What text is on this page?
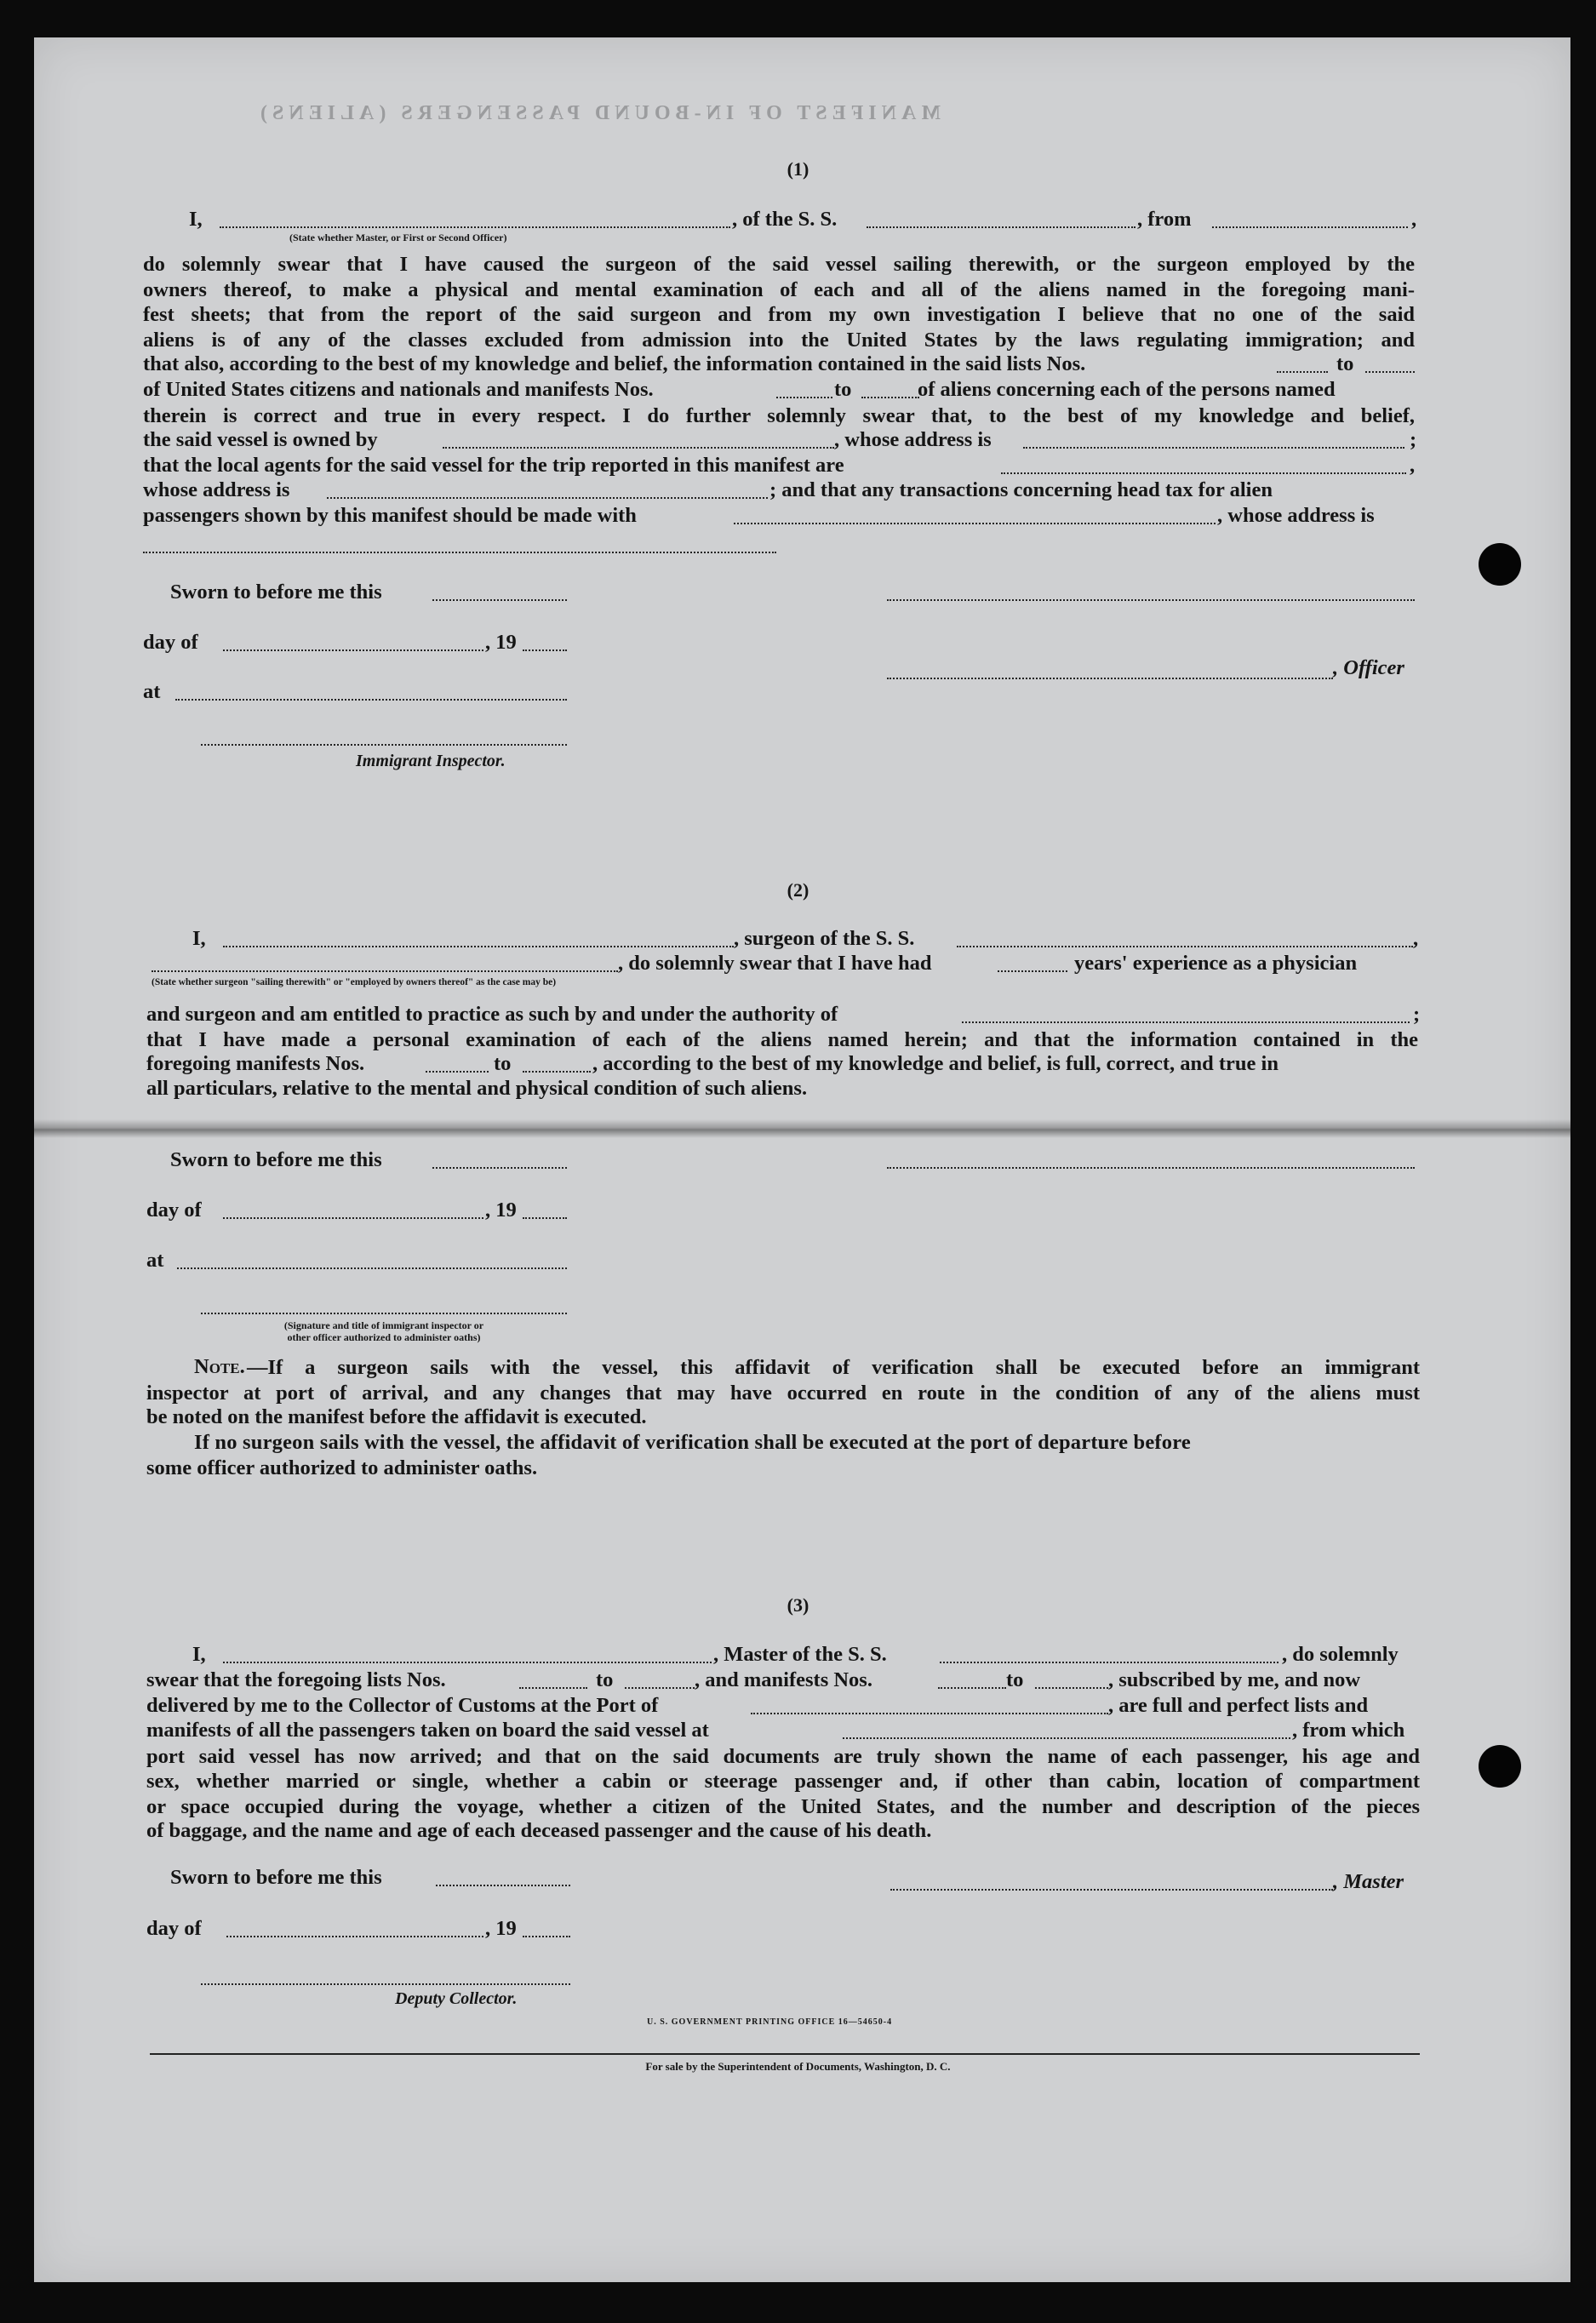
MANIFEST OF IN-BOUND PASSENGERS (ALIENS)
(1)
I,
(State whether Master, or First or Second Officer)
, of the S. S.	, from	,
do solemnly swear that I have caused the surgeon of the said vessel sailing therewith, or the surgeon employed by the
owners thereof, to make a physical and mental examination of each and all of the aliens named in the foregoing mani-
fest sheets; that from the report of the said surgeon and from my own investigation I believe that no one of the said
aliens is of any of the classes excluded from admission into the United States by the laws regulating immigration; and
that also, according to the best of my knowledge and belief, the information contained in the said lists Nos.	to
of United States citizens and nationals and manifests Nos.	to	of aliens concerning each of the persons named
therein is correct and true in every respect. I do further solemnly swear that, to the best of my knowledge and belief,
the said vessel is owned by	, whose address is	;
that the local agents for the said vessel for the trip reported in this manifest are	,
whose address is	; and that any transactions concerning head tax for alien
passengers shown by this manifest should be made with	, whose address is
Sworn to before me this
day of	, 19
, Officer
at
Immigrant Inspector.
(2)
I,	, surgeon of the S. S.	,
, do solemnly swear that I have had	years' experience as a physician
(State whether surgeon "sailing therewith" or "employed by owners thereof" as the case may be)
and surgeon and am entitled to practice as such by and under the authority of	;
that I have made a personal examination of each of the aliens named herein; and that the information contained in the
foregoing manifests Nos.	to	, according to the best of my knowledge and belief, is full, correct, and true in
all particulars, relative to the mental and physical condition of such aliens.
Sworn to before me this
day of	, 19
at
(Signature and title of immigrant inspector or
other officer authorized to administer oaths)
Note. —If a surgeon sails with the vessel, this affidavit of verification shall be executed before an immigrant
inspector at port of arrival, and any changes that may have occurred en route in the condition of any of the aliens must
be noted on the manifest before the affidavit is executed.
If no surgeon sails with the vessel, the affidavit of verification shall be executed at the port of departure before
some officer authorized to administer oaths.
(3)
I,	, Master of the S. S.	, do solemnly
swear that the foregoing lists Nos.	to	, and manifests Nos.	to	, subscribed by me, and now
delivered by me to the Collector of Customs at the Port of	, are full and perfect lists and
manifests of all the passengers taken on board the said vessel at	, from which
port said vessel has now arrived; and that on the said documents are truly shown the name of each passenger, his age and
sex, whether married or single, whether a cabin or steerage passenger and, if other than cabin, location of compartment
or space occupied during the voyage, whether a citizen of the United States, and the number and description of the pieces
of baggage, and the name and age of each deceased passenger and the cause of his death.
Sworn to before me this	, Master
day of	, 19
Deputy Collector.
U. S. GOVERNMENT PRINTING OFFICE 16—54650-4
For sale by the Superintendent of Documents, Washington, D. C.
